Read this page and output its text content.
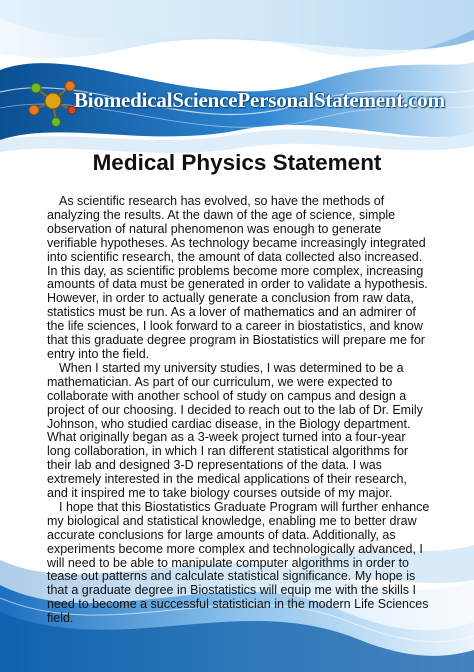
BiomedicalSciencePersonalStatement.com
Medical Physics Statement

As scientific research has evolved, so have the methods of analyzing the results. At the dawn of the age of science, simple observation of natural phenomenon was enough to generate verifiable hypotheses. As technology became increasingly integrated into scientific research, the amount of data collected also increased. In this day, as scientific problems become more complex, increasing amounts of data must be generated in order to validate a hypothesis. However, in order to actually generate a conclusion from raw data, statistics must be run. As a lover of mathematics and an admirer of the life sciences, I look forward to a career in biostatistics, and know that this graduate degree program in Biostatistics will prepare me for entry into the field.

When I started my university studies, I was determined to be a mathematician. As part of our curriculum, we were expected to collaborate with another school of study on campus and design a project of our choosing. I decided to reach out to the lab of Dr. Emily Johnson, who studied cardiac disease, in the Biology department. What originally began as a 3-week project turned into a four-year long collaboration, in which I ran different statistical algorithms for their lab and designed 3-D representations of the data. I was extremely interested in the medical applications of their research, and it inspired me to take biology courses outside of my major.

I hope that this Biostatistics Graduate Program will further enhance my biological and statistical knowledge, enabling me to better draw accurate conclusions for large amounts of data. Additionally, as experiments become more complex and technologically advanced, I will need to be able to manipulate computer algorithms in order to tease out patterns and calculate statistical significance. My hope is that a graduate degree in Biostatistics will equip me with the skills I need to become a successful statistician in the modern Life Sciences field.
